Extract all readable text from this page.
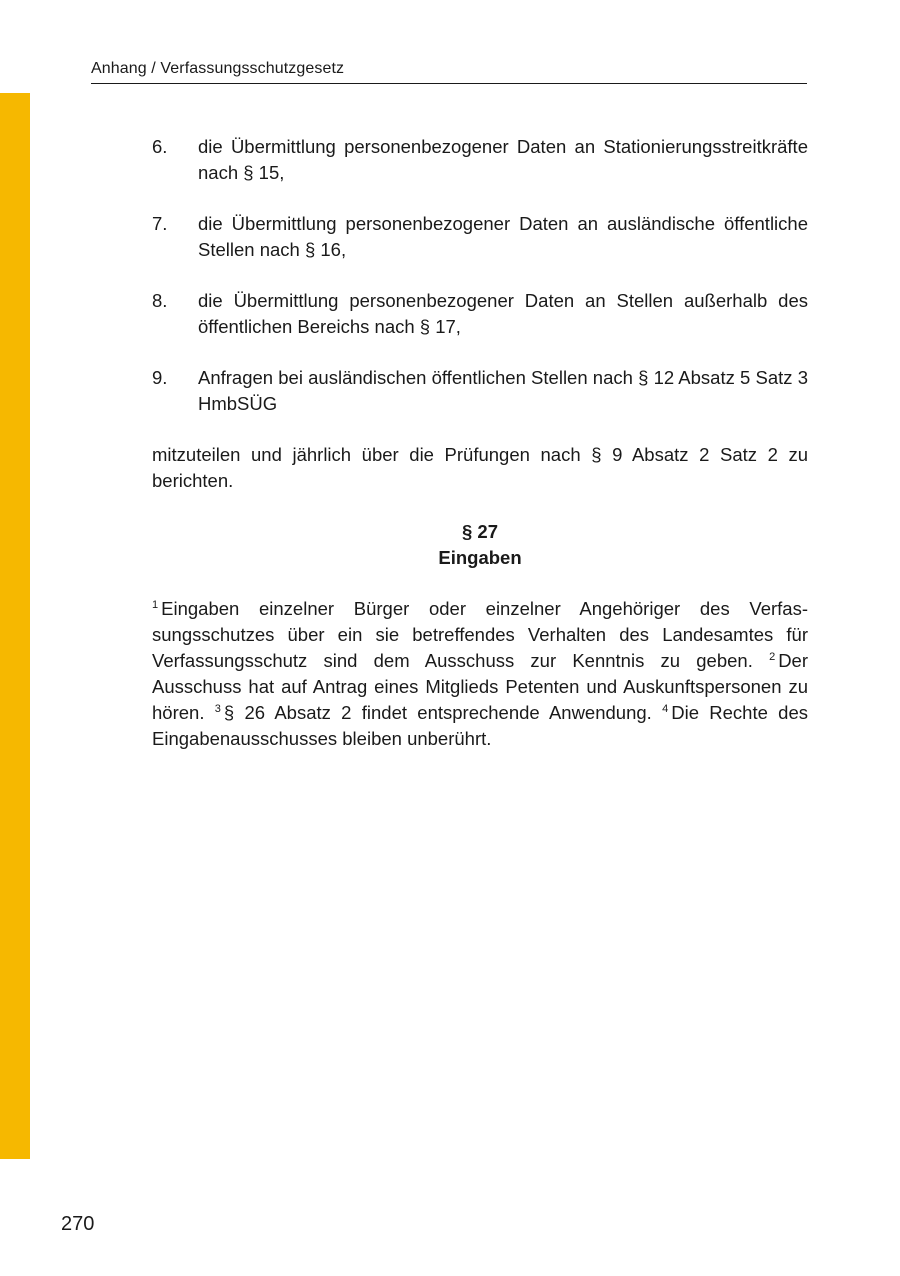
Anhang / Verfassungsschutzgesetz
6. die Übermittlung personenbezogener Daten an Stationierungsstreitkräfte nach § 15,
7. die Übermittlung personenbezogener Daten an ausländische öffentliche Stellen nach § 16,
8. die Übermittlung personenbezogener Daten an Stellen außerhalb des öffentlichen Bereichs nach § 17,
9. Anfragen bei ausländischen öffentlichen Stellen nach § 12 Absatz 5 Satz 3 HmbSÜG
mitzuteilen und jährlich über die Prüfungen nach § 9 Absatz 2 Satz 2 zu berichten.
§ 27
Eingaben
$^1$ Eingaben einzelner Bürger oder einzelner Angehöriger des Verfassungsschutzes über ein sie betreffendes Verhalten des Landesamtes für Verfassungsschutz sind dem Ausschuss zur Kenntnis zu geben. $^2$ Der Ausschuss hat auf Antrag eines Mitglieds Petenten und Auskunftspersonen zu hören. $^3$ § 26 Absatz 2 findet entsprechende Anwendung. $^4$ Die Rechte des Eingabenausschusses bleiben unberührt.
270
